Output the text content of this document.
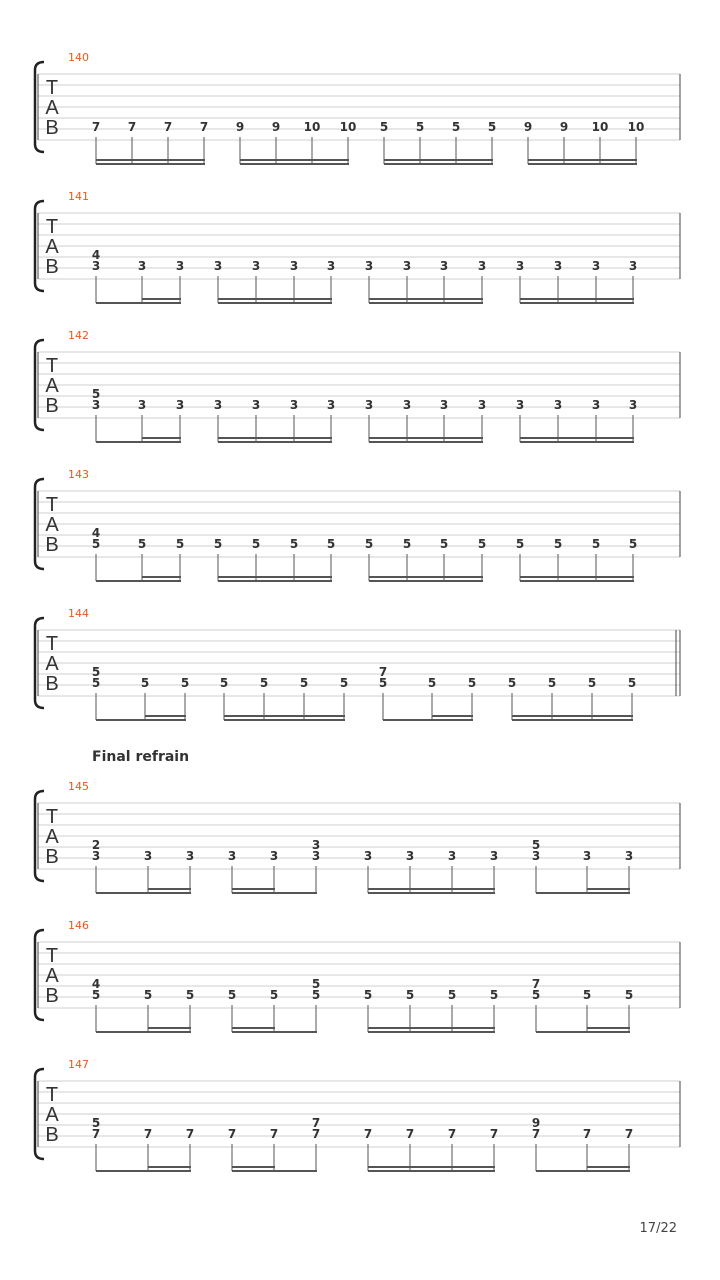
T
A
B
140
7 7 7 7 9 9 10 10 5 5 5 5 9 9 10 10
T
A
B
141
3
4
3 3 3 3 3 3 3 3 3 3 3 3 3 3
T
A
B
142
3
5
3 3 3 3 3 3 3 3 3 3 3 3 3 3
T
A
B
143
5
4
5 5 5 5 5 5 5 5 5 5 5 5 5 5
T
A
B
144
5
5
5	5	5	5	5	5	5
7
5	5	5	5	5	5
T
A
B
145
3
2
3	3	3	3	3
3
3	3	3	3	3
5
3	3
T
A
B
146
5
4
5	5	5	5	5
5
5	5	5	5	5
7
5	5
T
A
B
147
7
5
7	7	7	7	7
7
7	7	7	7	7
9
7	7
Final refrain
17/22
